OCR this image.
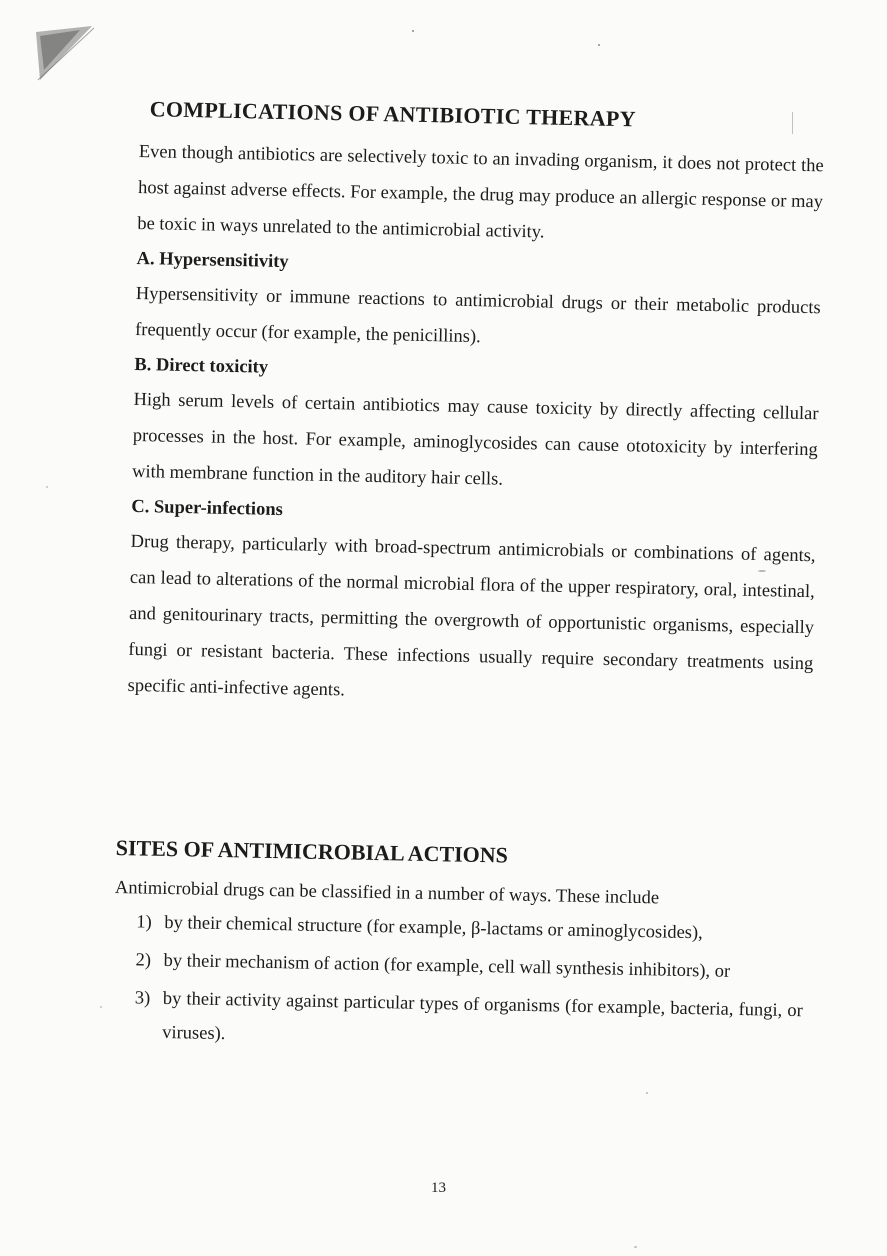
COMPLICATIONS OF ANTIBIOTIC THERAPY

Even though antibiotics are selectively toxic to an invading organism, it does not protect the host against adverse effects. For example, the drug may produce an allergic response or may be toxic in ways unrelated to the antimicrobial activity.

A. Hypersensitivity

Hypersensitivity or immune reactions to antimicrobial drugs or their metabolic products frequently occur (for example, the penicillins).

B. Direct toxicity

High serum levels of certain antibiotics may cause toxicity by directly affecting cellular processes in the host. For example, aminoglycosides can cause ototoxicity by interfering with membrane function in the auditory hair cells.

C. Super-infections

Drug therapy, particularly with broad-spectrum antimicrobials or combinations of agents, can lead to alterations of the normal microbial flora of the upper respiratory, oral, intestinal, and genitourinary tracts, permitting the overgrowth of opportunistic organisms, especially fungi or resistant bacteria. These infections usually require secondary treatments using specific anti-infective agents.

SITES OF ANTIMICROBIAL ACTIONS

Antimicrobial drugs can be classified in a number of ways. These include

1) by their chemical structure (for example, β-lactams or aminoglycosides),
2) by their mechanism of action (for example, cell wall synthesis inhibitors), or
3) by their activity against particular types of organisms (for example, bacteria, fungi, or viruses).
13
